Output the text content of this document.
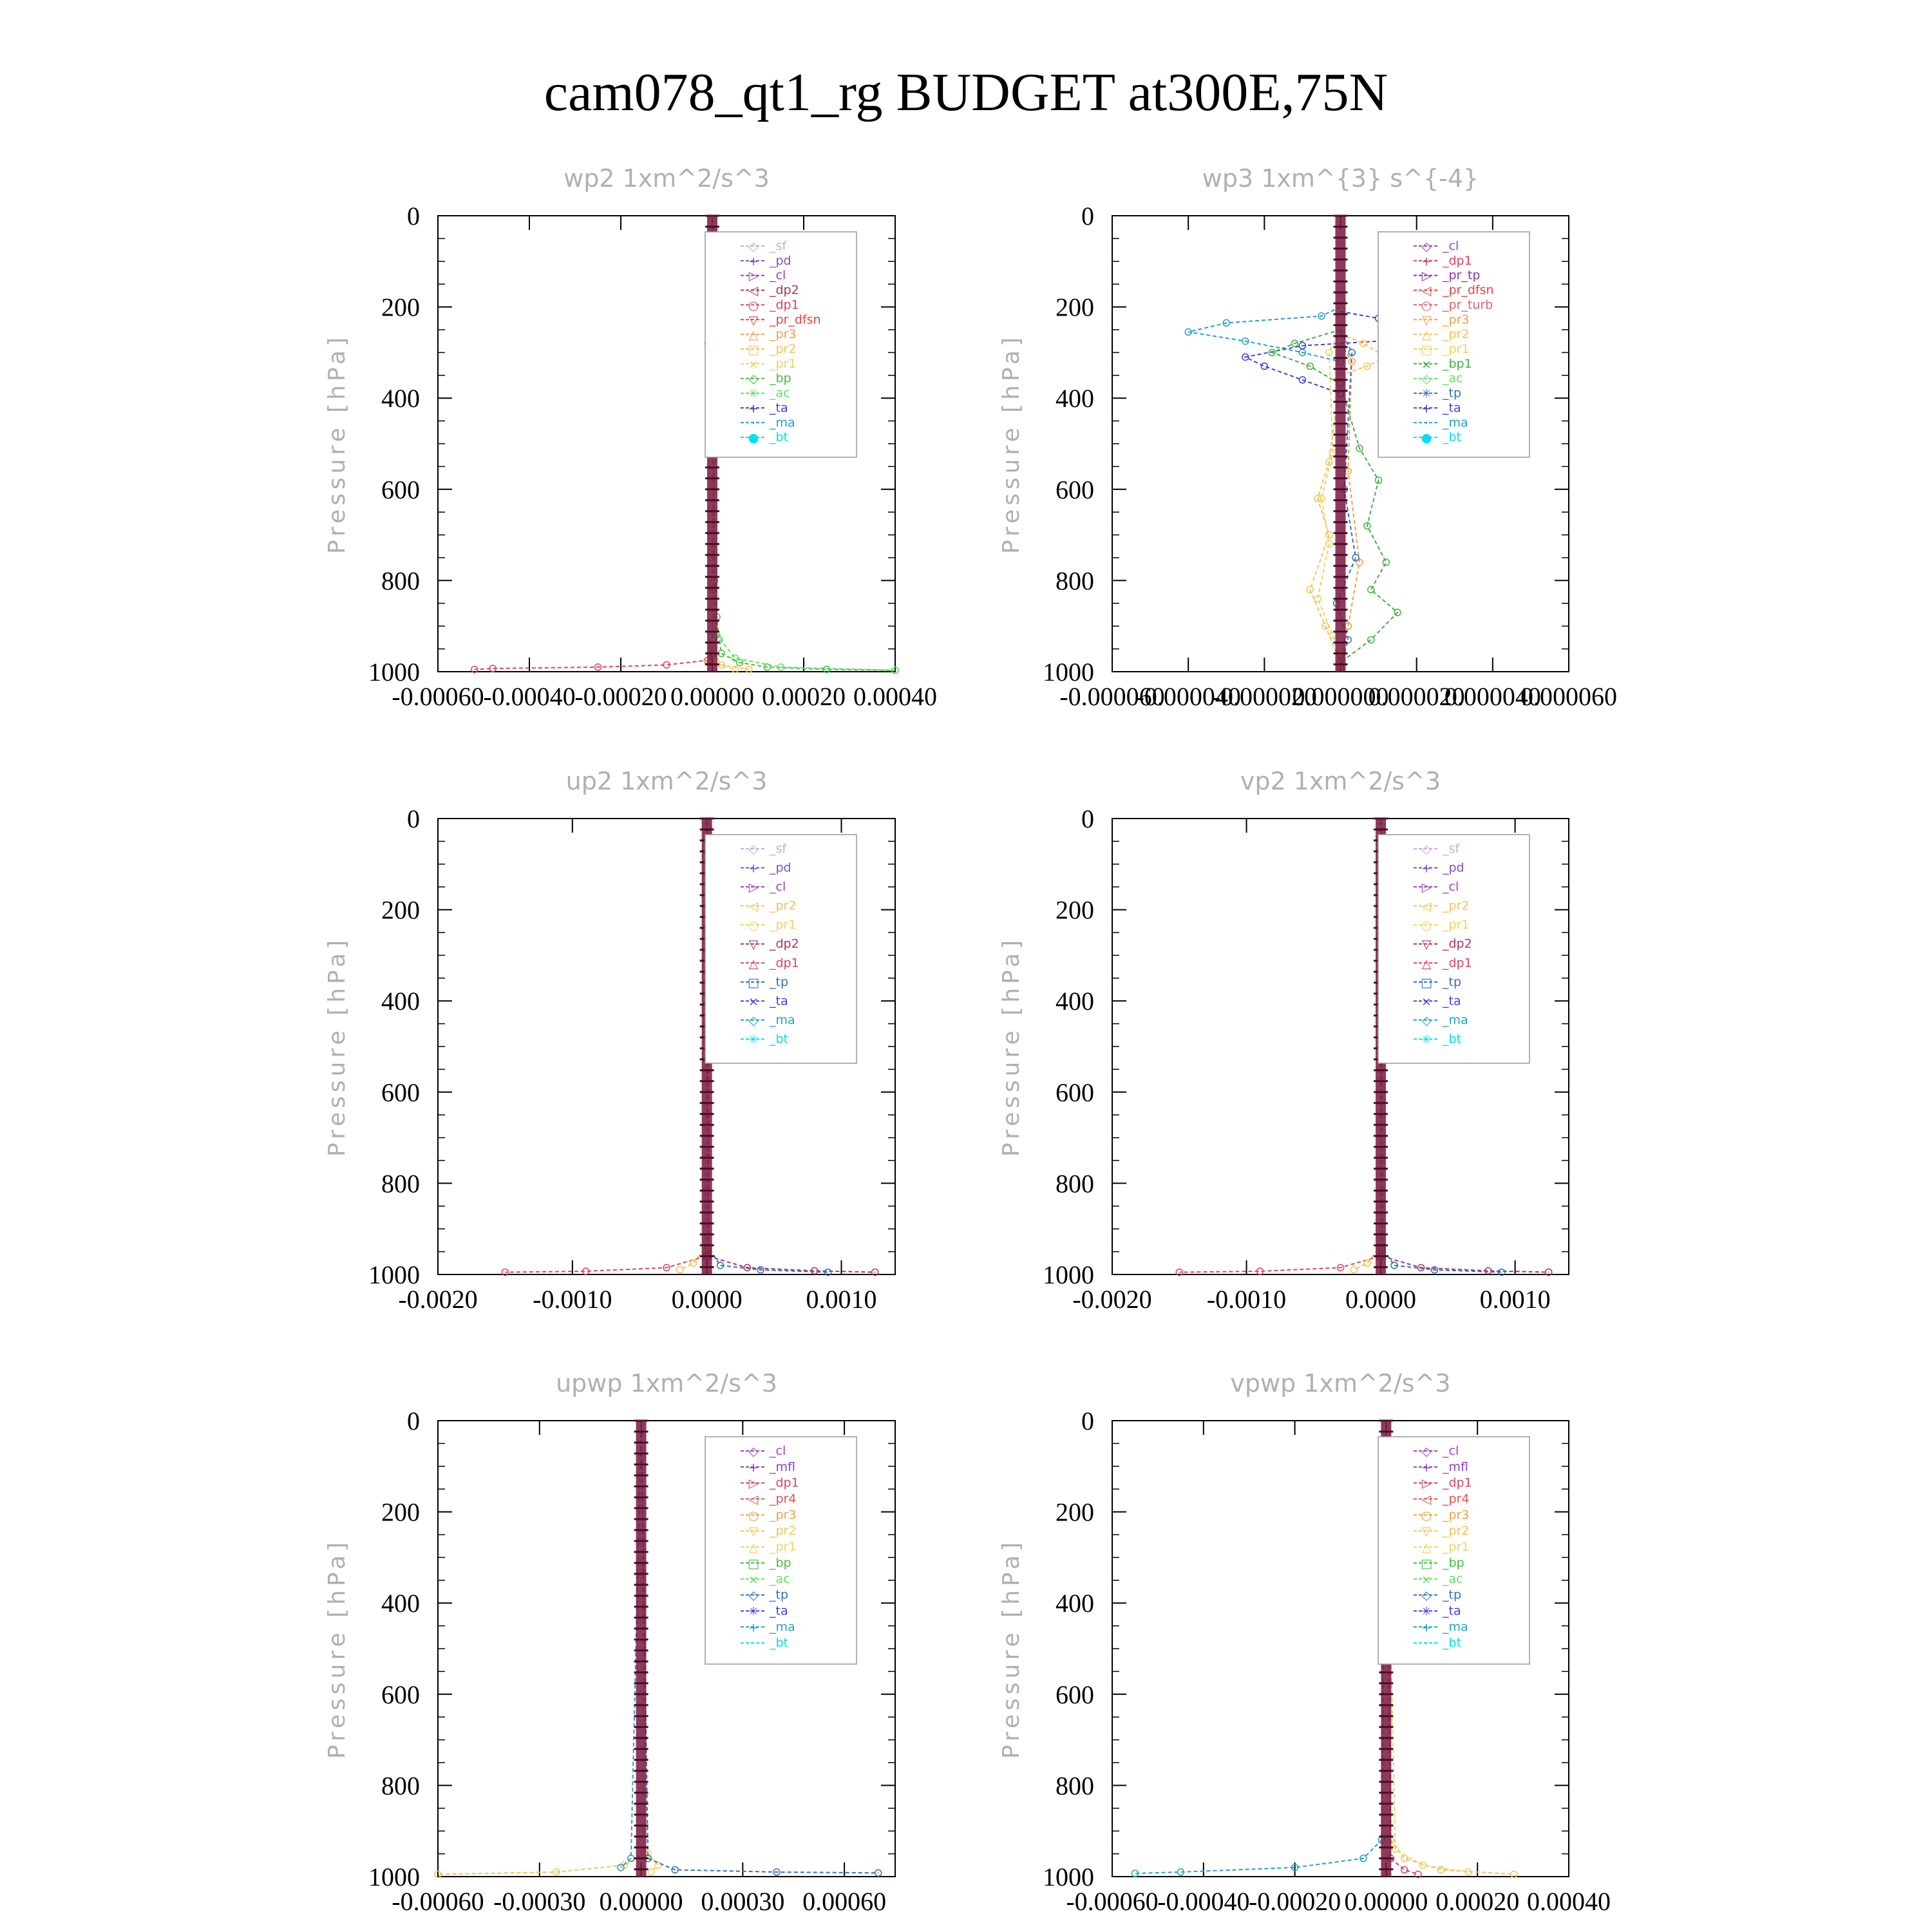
cam078_qt1_rg BUDGET at300E,75N
wp2 1xm^2/s^3
Pressure [hPa]
0
200
400
600
800
1000
-0.00060
-0.00040
-0.00020 0.00000 0.00020 0.00040
◇ _sf
+ _pd
▷ _cl
◁ _dp2
○ _dp1
▽ _pr_dfsn
△ _pr3
□ _pr2
× _pr1
◇ _bp
✳ _ac
+ _ta
· _ma
● _bt
wp3 1xm^{3} s^{-4}
Pressure [hPa]
0
200
400
600
800
1000
-0.000060
-0.000040
-0.000020
0.000000
0.000020
0.000040
0.000060
◇ _cl
+ _dp1
▷ _pr_tp
◁ _pr_dfsn
○ _pr_turb
▽ _pr3
△ _pr2
□ _pr1
× _bp1
◇ _ac
✳ _tp
+ _ta
· _ma
● _bt
up2 1xm^2/s^3
Pressure [hPa]
0
200
400
600
800
1000
-0.0020 -0.0010 0.0000 0.0010
◇ _sf
+ _pd
▷ _cl
◁ _pr2
○ _pr1
▽ _dp2
△ _dp1
□ _tp
× _ta
◇ _ma
✳ _bt
vp2 1xm^2/s^3
Pressure [hPa]
0
200
400
600
800
1000
-0.0020 -0.0010 0.0000 0.0010
◇ _sf
+ _pd
▷ _cl
◁ _pr2
○ _pr1
▽ _dp2
△ _dp1
□ _tp
× _ta
◇ _ma
✳ _bt
upwp 1xm^2/s^3
Pressure [hPa]
0
200
400
600
800
1000
-0.00060 -0.00030 0.00000 0.00030 0.00060
◇ _cl
+ _mfl
▷ _dp1
◁ _pr4
○ _pr3
▽ _pr2
△ _pr1
□ _bp
× _ac
◇ _tp
✳ _ta
+ _ma
· _bt
vpwp 1xm^2/s^3
Pressure [hPa]
0
200
400
600
800
1000
-0.00060
-0.00040
-0.00020 0.00000 0.00020 0.00040
◇ _cl
+ _mfl
▷ _dp1
◁ _pr4
○ _pr3
▽ _pr2
△ _pr1
□ _bp
× _ac
◇ _tp
✳ _ta
+ _ma
· _bt
